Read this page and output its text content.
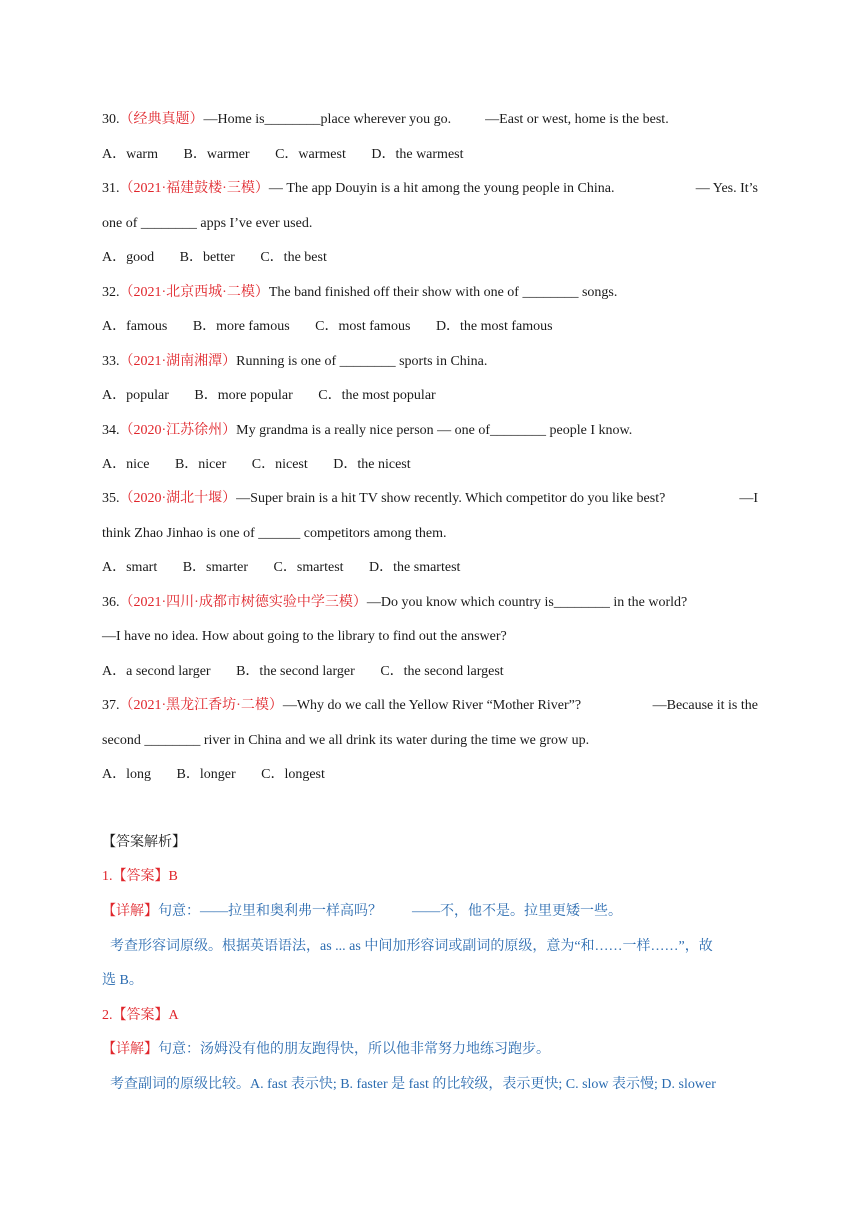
30.（经典真题）—Home is________place wherever you go. —East or west, home is the best.
A．warm B．warmer C．warmest D．the warmest
31.（2021·福建鼓楼·三模）— The app Douyin is a hit among the young people in China.	— Yes. It’s
one of ________ apps I’ve ever used.
A．good B．better C．the best
32.（2021·北京西城·二模）The band finished off their show with one of ________ songs.
A．famous B．more famous C．most famous D．the most famous
33.（2021·湖南湘潭）Running is one of ________ sports in China.
A．popular B．more popular C．the most popular
34.（2020·江苏徐州）My grandma is a really nice person — one of________ people I know.
A．nice B．nicer C．nicest D．the nicest
35.（2020·湖北十堰）—Super brain is a hit TV show recently. Which competitor do you like best?	—I
think Zhao Jinhao is one of ______ competitors among them.
A．smart B．smarter C．smartest D．the smartest
36.（2021·四川·成都市树德实验中学三模）—Do you know which country is________ in the world?
—I have no idea. How about going to the library to find out the answer?
A．a second larger B．the second larger C．the second largest
37.（2021·黑龙江香坊·二模）—Why do we call the Yellow River “Mother River”?	—Because it is the
second ________ river in China and we all drink its water during the time we grow up.
A．long B．longer C．longest
【答案解析】
1.【答案】B
【详解】句意：——拉里和奥利弗一样高吗？ ——不，他不是。拉里更矮一些。
考查形容词原级。根据英语语法，as ... as 中间加形容词或副词的原级，意为“和……一样……”，故
选 B。
2.【答案】A
【详解】句意：汤姆没有他的朋友跑得快，所以他非常努力地练习跑步。
考查副词的原级比较。A. fast 表示快; B. faster 是 fast 的比较级，表示更快; C. slow 表示慢; D. slower
